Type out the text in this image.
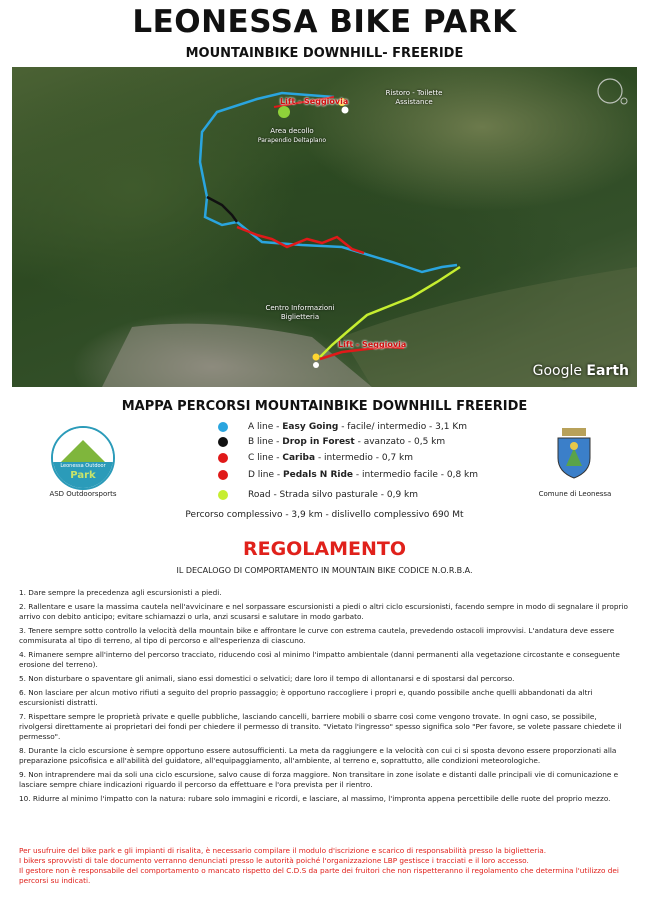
LEONESSA BIKE PARK
MOUNTAINBIKE DOWNHILL- FREERIDE
Lift - Seggiovia
Ristoro - Toilette
Assistance
Area decollo
Parapendio Deltaplano
Centro Informazioni
Biglietteria
Lift - Seggiovia
Google Earth
MAPPA PERCORSI MOUNTAINBIKE DOWNHILL FREERIDE
A line - Easy Going - facile/ intermedio - 3,1 Km
B line - Drop in Forest - avanzato - 0,5 km
C line - Cariba - intermedio - 0,7 km
D line - Pedals N Ride - intermedio facile - 0,8 km
Road - Strada silvo pasturale - 0,9 km
Percorso complessivo - 3,9 km - dislivello complessivo 690 Mt
Leonessa Outdoor
Park
ASD Outdoorsports	Comune di Leonessa
REGOLAMENTO
IL DECALOGO DI COMPORTAMENTO IN MOUNTAIN BIKE CODICE N.O.R.B.A.
1. Dare sempre la precedenza agli escursionisti a piedi.
2. Rallentare e usare la massima cautela nell'avvicinare e nel sorpassare escursionisti a piedi o altri ciclo escursionisti, facendo sempre in modo di segnalare il proprio arrivo con debito anticipo; evitare schiamazzi o urla, anzi scusarsi e salutare in modo garbato.
3. Tenere sempre sotto controllo la velocità della mountain bike e affrontare le curve con estrema cautela, prevedendo ostacoli improvvisi. L'andatura deve essere commisurata al tipo di terreno, al tipo di percorso e all'esperienza di ciascuno.
4. Rimanere sempre all'interno del percorso tracciato, riducendo così al minimo l'impatto ambientale (danni permanenti alla vegetazione circostante e conseguente erosione del terreno).
5. Non disturbare o spaventare gli animali, siano essi domestici o selvatici; dare loro il tempo di allontanarsi e di spostarsi dal percorso.
6. Non lasciare per alcun motivo rifiuti a seguito del proprio passaggio; è opportuno raccogliere i propri e, quando possibile anche quelli abbandonati da altri escursionisti distratti.
7. Rispettare sempre le proprietà private e quelle pubbliche, lasciando cancelli, barriere mobili o sbarre così come vengono trovate. In ogni caso, se possibile, rivolgersi direttamente ai proprietari dei fondi per chiedere il permesso di transito. "Vietato l'ingresso" spesso significa solo "Per favore, se volete passare chiedete il permesso".
8. Durante la ciclo escursione è sempre opportuno essere autosufficienti. La meta da raggiungere e la velocità con cui ci si sposta devono essere proporzionati alla preparazione psicofisica e all'abilità del guidatore, all'equipaggiamento, all'ambiente, al terreno e, soprattutto, alle condizioni meteorologiche.
9. Non intraprendere mai da soli una ciclo escursione, salvo cause di forza maggiore. Non transitare in zone isolate e distanti dalle principali vie di comunicazione e lasciare sempre chiare indicazioni riguardo il percorso da effettuare e l'ora prevista per il rientro.
10. Ridurre al minimo l'impatto con la natura: rubare solo immagini e ricordi, e lasciare, al massimo, l'impronta appena percettibile delle ruote del proprio mezzo.
Per usufruire del bike park e gli impianti di risalita, è necessario compilare il modulo d'iscrizione e scarico di responsabilità presso la biglietteria.
I bikers sprovvisti di tale documento verranno denunciati presso le autorità poiché l'organizzazione LBP gestisce i tracciati e il loro accesso.
Il gestore non è responsabile del comportamento o mancato rispetto del C.D.S da parte dei fruitori che non rispetteranno il regolamento che determina l'utilizzo dei percorsi su indicati.
